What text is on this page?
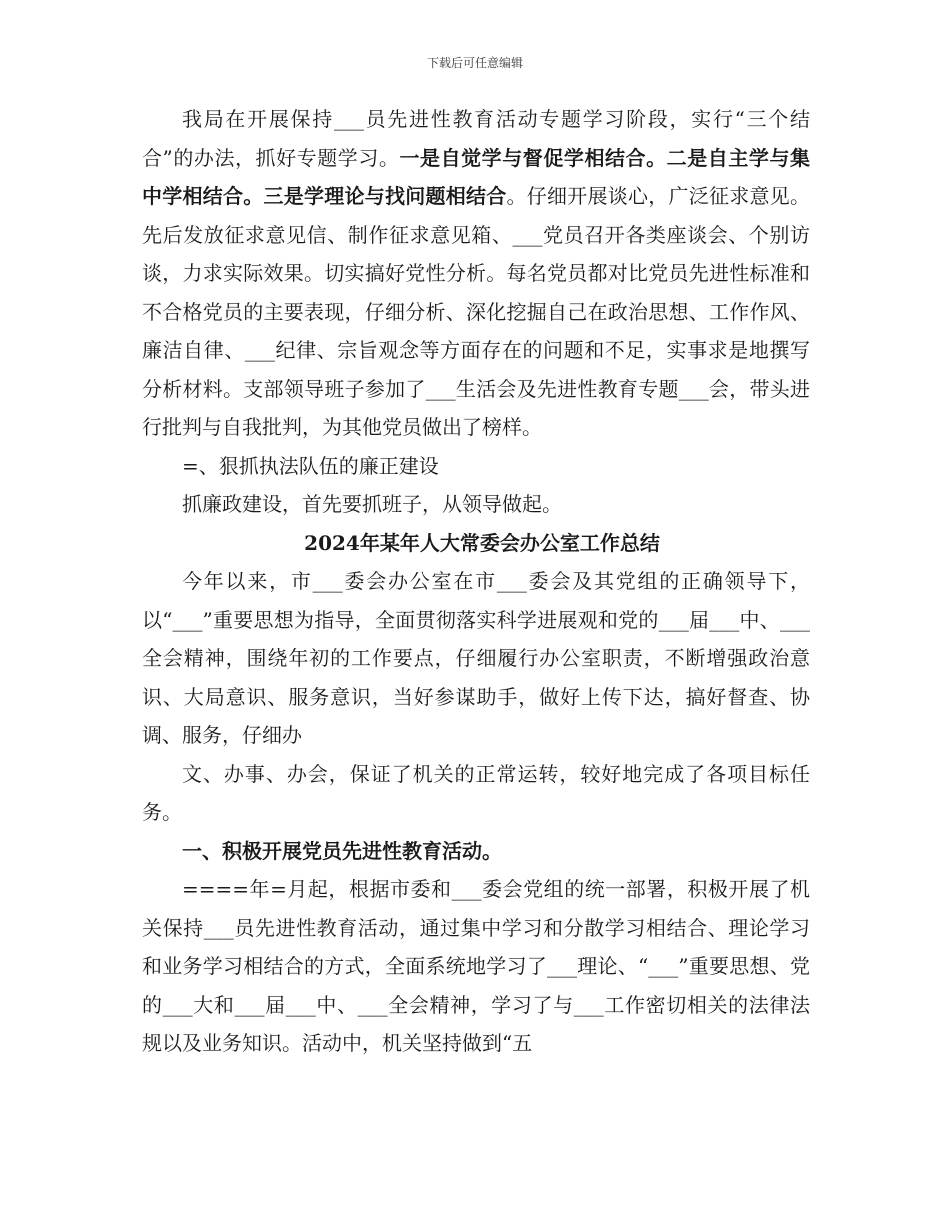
下载后可任意编辑

我局在开展保持___员先进性教育活动专题学习阶段，实行“三个结合”的办法，抓好专题学习。一是自觉学与督促学相结合。二是自主学与集中学相结合。三是学理论与找问题相结合。仔细开展谈心，广泛征求意见。先后发放征求意见信、制作征求意见箱、___党员召开各类座谈会、个别访谈，力求实际效果。切实搞好党性分析。每名党员都对比党员先进性标准和不合格党员的主要表现，仔细分析、深化挖掘自己在政治思想、工作作风、廉洁自律、___纪律、宗旨观念等方面存在的问题和不足，实事求是地撰写分析材料。支部领导班子参加了___生活会及先进性教育专题___会，带头进行批判与自我批判，为其他党员做出了榜样。

=、狠抓执法队伍的廉正建设

抓廉政建设，首先要抓班子，从领导做起。

2024年某年人大常委会办公室工作总结

今年以来，市___委会办公室在市___委会及其党组的正确领导下，以“___”重要思想为指导，全面贯彻落实科学进展观和党的___届___中、___全会精神，围绕年初的工作要点，仔细履行办公室职责，不断增强政治意识、大局意识、服务意识，当好参谋助手，做好上传下达，搞好督查、协调、服务，仔细办

文、办事、办会，保证了机关的正常运转，较好地完成了各项目标任务。

一、积极开展党员先进性教育活动。

====年=月起，根据市委和___委会党组的统一部署，积极开展了机关保持___员先进性教育活动，通过集中学习和分散学习相结合、理论学习和业务学习相结合的方式，全面系统地学习了___理论、“___”重要思想、党的___大和___届___中、___全会精神，学习了与___工作密切相关的法律法规以及业务知识。活动中，机关坚持做到“五
